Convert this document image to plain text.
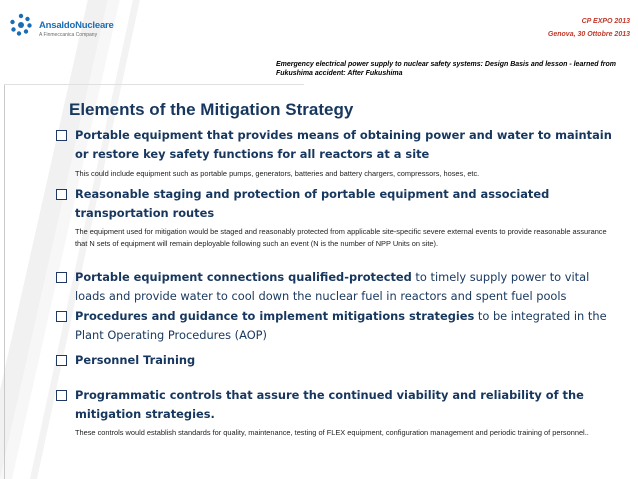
AnsaldoNucleare
A Finmeccanica Company
CP EXPO 2013
Genova, 30 Ottobre 2013
Emergency electrical power supply to nuclear safety systems: Design Basis and lesson - learned from Fukushima accident: After Fukushima
Elements of the Mitigation Strategy
Portable equipment that provides means of obtaining power and water to maintain or restore key safety functions for all reactors at a site
This could include equipment such as portable pumps, generators, batteries and battery chargers, compressors, hoses, etc.
Reasonable staging and protection of portable equipment and associated transportation routes
The equipment used for mitigation would be staged and reasonably protected from applicable site-specific severe external events to provide reasonable assurance that N sets of equipment will remain deployable following such an event (N is the number of NPP Units on site).
Portable equipment connections qualified-protected to timely supply power to vital loads and provide water to cool down the nuclear fuel in reactors and spent fuel pools
Procedures and guidance to implement mitigations strategies to be integrated in the Plant Operating Procedures (AOP)
Personnel Training
Programmatic controls that assure the continued viability and reliability of the mitigation strategies.
These controls would establish standards for quality, maintenance, testing of FLEX equipment, configuration management and periodic training of personnel..
